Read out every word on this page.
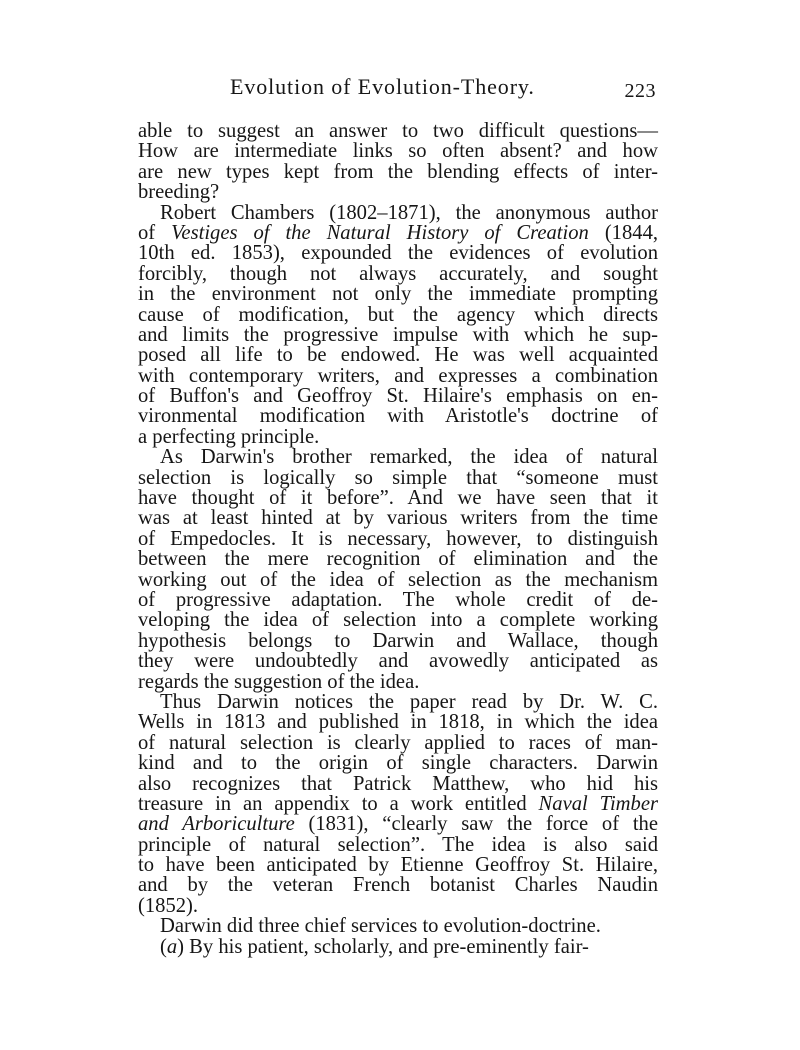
Evolution of Evolution-Theory.	223
able to suggest an answer to two difficult questions—
How are intermediate links so often absent? and how
are new types kept from the blending effects of inter-
breeding?
Robert Chambers (1802–1871), the anonymous author
of Vestiges of the Natural History of Creation (1844,
10th ed. 1853), expounded the evidences of evolution
forcibly, though not always accurately, and sought
in the environment not only the immediate prompting
cause of modification, but the agency which directs
and limits the progressive impulse with which he sup-
posed all life to be endowed. He was well acquainted
with contemporary writers, and expresses a combination
of Buffon's and Geoffroy St. Hilaire's emphasis on en-
vironmental modification with Aristotle's doctrine of
a perfecting principle.
As Darwin's brother remarked, the idea of natural
selection is logically so simple that “someone must
have thought of it before”. And we have seen that it
was at least hinted at by various writers from the time
of Empedocles. It is necessary, however, to distinguish
between the mere recognition of elimination and the
working out of the idea of selection as the mechanism
of progressive adaptation. The whole credit of de-
veloping the idea of selection into a complete working
hypothesis belongs to Darwin and Wallace, though
they were undoubtedly and avowedly anticipated as
regards the suggestion of the idea.
Thus Darwin notices the paper read by Dr. W. C.
Wells in 1813 and published in 1818, in which the idea
of natural selection is clearly applied to races of man-
kind and to the origin of single characters. Darwin
also recognizes that Patrick Matthew, who hid his
treasure in an appendix to a work entitled Naval Timber
and Arboriculture (1831), “clearly saw the force of the
principle of natural selection”. The idea is also said
to have been anticipated by Etienne Geoffroy St. Hilaire,
and by the veteran French botanist Charles Naudin
(1852).
Darwin did three chief services to evolution-doctrine.
(a) By his patient, scholarly, and pre-eminently fair-
